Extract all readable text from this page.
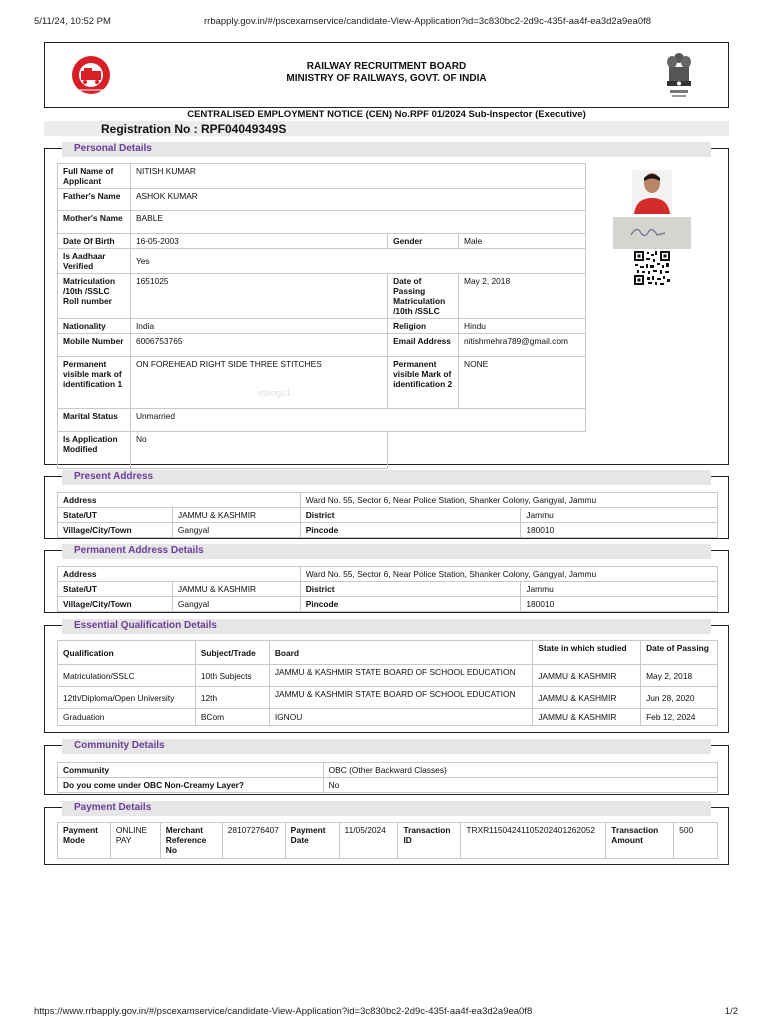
5/11/24, 10:52 PM	rrbapply.gov.in/#/pscexamservice/candidate-View-Application?id=3c830bc2-2d9c-435f-aa4f-ea3d2a9ea0f8
RAILWAY RECRUITMENT BOARD
MINISTRY OF RAILWAYS, GOVT. OF INDIA
CENTRALISED EMPLOYMENT NOTICE (CEN) No.RPF 01/2024 Sub-Inspector (Executive)
Registration No : RPF04049349S
Personal Details
Full Name of Applicant	NITISH KUMAR		
Father's Name	ASHOK KUMAR		
Mother's Name	BABLE		
Date Of Birth	16-05-2003	Gender	Male
Is Aadhaar Verified	Yes		
Matriculation /10th /SSLC Roll number	1651025	Date of Passing Matriculation /10th /SSLC	May 2, 2018
Nationality	India	Religion	Hindu
Mobile Number	6006753765	Email Address	nitishmehra789@gmail.com
Permanent visible mark of identification 1	ON FOREHEAD RIGHT SIDE THREE STITCHES	Permanent visible Mark of identification 2	NONE
Marital Status	Unmarried		
Is Application Modified	No		
rrblogo1
Present Address
Address		Ward No. 55, Sector 6, Near Police Station, Shanker Colony, Gangyal, Jammu	
State/UT	JAMMU & KASHMIR	District	Jammu
Village/City/Town	Gangyal	Pincode	180010
Permanent Address Details
Address		Ward No. 55, Sector 6, Near Police Station, Shanker Colony, Gangyal, Jammu	
State/UT	JAMMU & KASHMIR	District	Jammu
Village/City/Town	Gangyal	Pincode	180010
Essential Qualification Details
Qualification	Subject/Trade	Board	State in which studied	Date of Passing
Matriculation/SSLC	10th Subjects	JAMMU & KASHMIR STATE BOARD OF SCHOOL EDUCATION	JAMMU & KASHMIR	May 2, 2018
12th/Diploma/Open University	12th	JAMMU & KASHMIR STATE BOARD OF SCHOOL EDUCATION	JAMMU & KASHMIR	Jun 28, 2020
Graduation	BCom	IGNOU	JAMMU & KASHMIR	Feb 12, 2024
Community Details
Community	OBC (Other Backward Classes)
Do you come under OBC Non-Creamy Layer?	No
Payment Details
Payment Mode	ONLINE PAY	Merchant Reference No	28107276407	Payment Date	11/05/2024	Transaction ID	TRXR11504241105202401262052	Transaction Amount	500
https://www.rrbapply.gov.in/#/pscexamservice/candidate-View-Application?id=3c830bc2-2d9c-435f-aa4f-ea3d2a9ea0f8	1/2
